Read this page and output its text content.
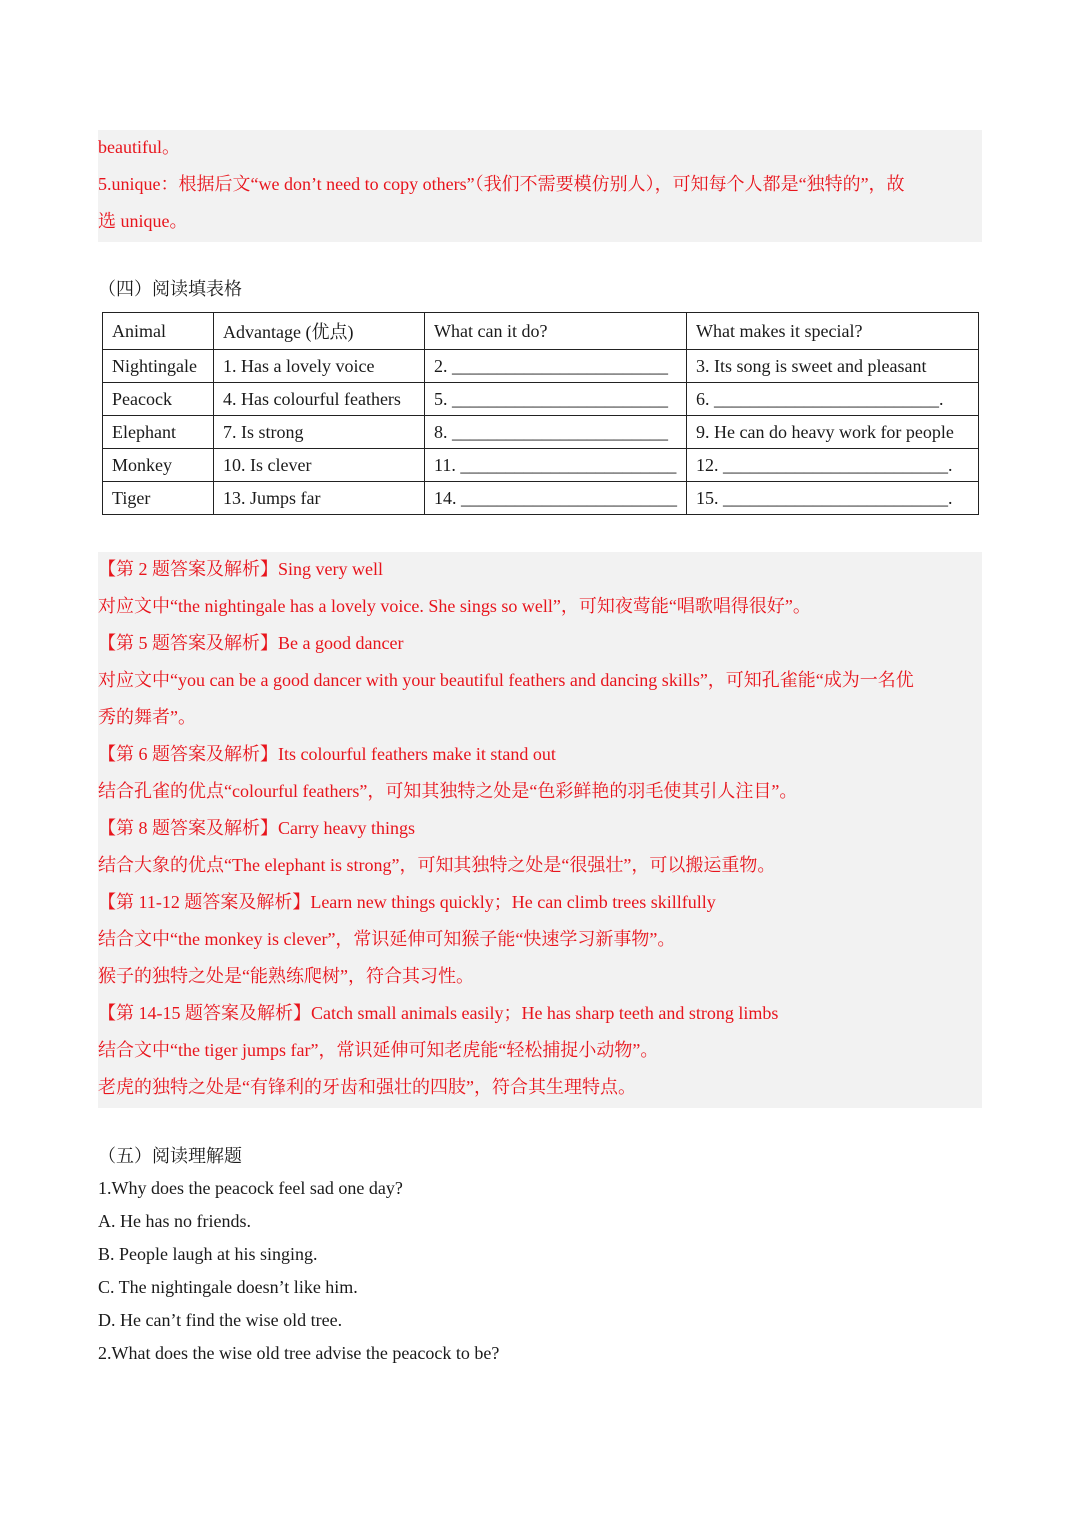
beautiful。
5.unique：根据后文“we don’t need to copy others”（我们不需要模仿别人），可知每个人都是“独特的”，故
选 unique。
（四）阅读填表格
Animal	Advantage (优点)	What can it do?	What makes it special?
Nightingale	1. Has a lovely voice	2. ________________________	3. Its song is sweet and pleasant
Peacock	4. Has colourful feathers	5. ________________________	6. _________________________.
Elephant	7. Is strong	8. ________________________	9. He can do heavy work for people
Monkey	10. Is clever	11. ________________________	12. _________________________.
Tiger	13. Jumps far	14. ________________________	15. _________________________.
【第 2 题答案及解析】Sing very well
对应文中“the nightingale has a lovely voice. She sings so well”，可知夜莺能“唱歌唱得很好”。
【第 5 题答案及解析】Be a good dancer
对应文中“you can be a good dancer with your beautiful feathers and dancing skills”，可知孔雀能“成为一名优
秀的舞者”。
【第 6 题答案及解析】Its colourful feathers make it stand out
结合孔雀的优点“colourful feathers”，可知其独特之处是“色彩鲜艳的羽毛使其引人注目”。
【第 8 题答案及解析】Carry heavy things
结合大象的优点“The elephant is strong”，可知其独特之处是“很强壮”，可以搬运重物。
【第 11-12 题答案及解析】Learn new things quickly；He can climb trees skillfully
结合文中“the monkey is clever”，常识延伸可知猴子能“快速学习新事物”。
猴子的独特之处是“能熟练爬树”，符合其习性。
【第 14-15 题答案及解析】Catch small animals easily；He has sharp teeth and strong limbs
结合文中“the tiger jumps far”，常识延伸可知老虎能“轻松捕捉小动物”。
老虎的独特之处是“有锋利的牙齿和强壮的四肢”，符合其生理特点。
（五）阅读理解题
1.Why does the peacock feel sad one day?
A. He has no friends.
B. People laugh at his singing.
C. The nightingale doesn’t like him.
D. He can’t find the wise old tree.
2.What does the wise old tree advise the peacock to be?
